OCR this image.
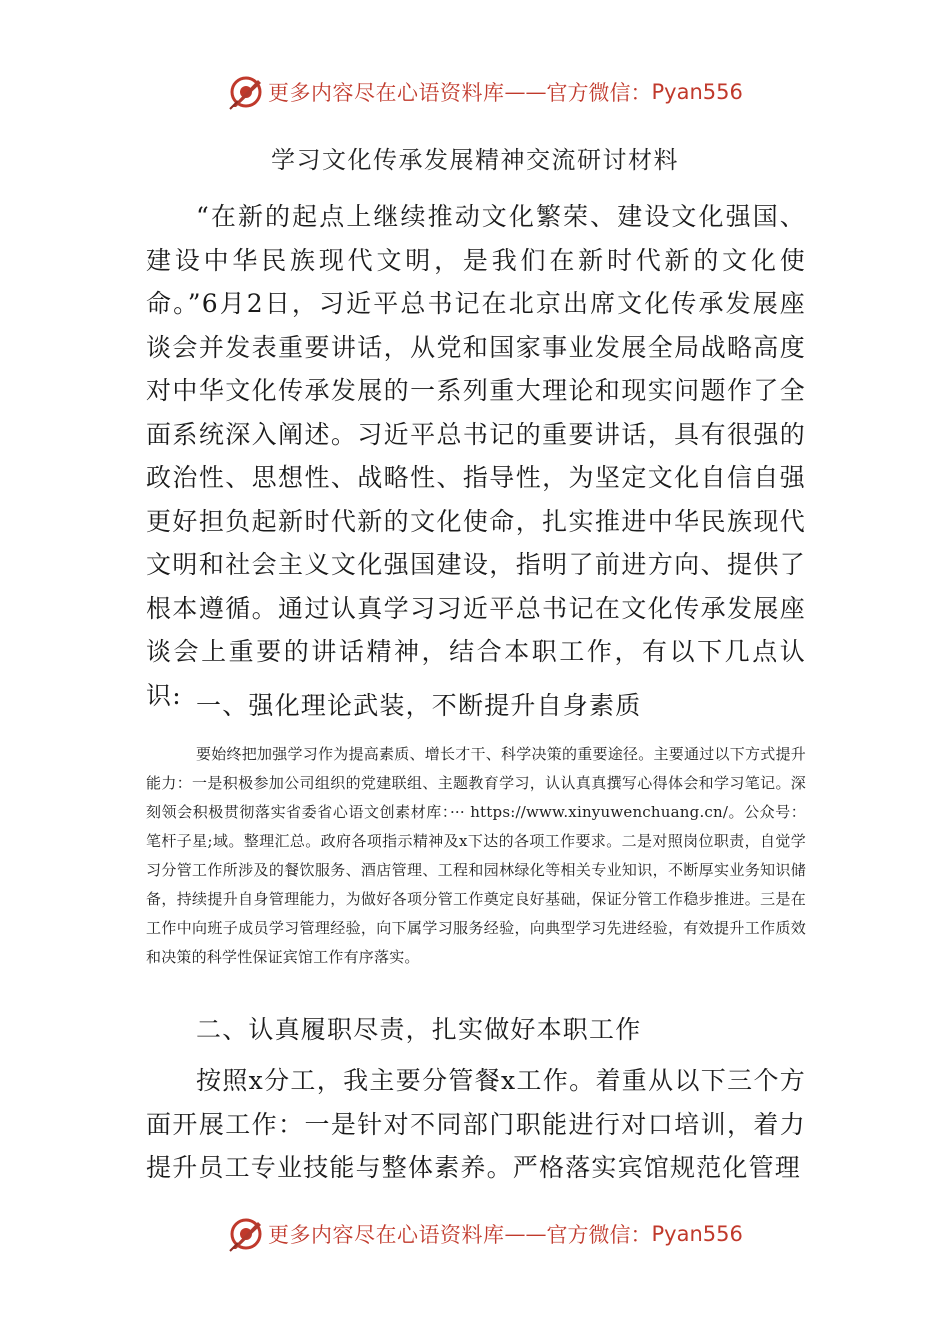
更多内容尽在心语资料库 —— 官方微信： Pyan556
学习文化传承发展精神交流研讨材料

“在新的起点上继续推动文化繁荣、建设文化强国、建设中华民族现代文明，是我们在新时代新的文化使命。”6月2日，习近平总书记在北京出席文化传承发展座谈会并发表重要讲话，从党和国家事业发展全局战略高度对中华文化传承发展的一系列重大理论和现实问题作了全面系统深入阐述。习近平总书记的重要讲话，具有很强的政治性、思想性、战略性、指导性，为坚定文化自信自强更好担负起新时代新的文化使命，扎实推进中华民族现代文明和社会主义文化强国建设，指明了前进方向、提供了根本遵循。通过认真学习习近平总书记在文化传承发展座谈会上重要的讲话精神，结合本职工作，有以下几点认识: 一、强化理论武装，不断提升自身素质

要始终把加强学习作为提高素质、增长才干、科学决策的重要途径。主要通过以下方式提升能力：一是积极参加公司组织的党建联组、主题教育学习，认认真真撰写心得体会和学习笔记。深刻领会积极贯彻落实省委省心语文创素材库：··· https://www.xinyuwenchuang.cn/。公众号：笔杆子星;域。整理汇总。政府各项指示精神及x下达的各项工作要求。二是对照岗位职责，自觉学习分管工作所涉及的餐饮服务、酒店管理、工程和园林绿化等相关专业知识，不断厚实业务知识储备，持续提升自身管理能力，为做好各项分管工作奠定良好基础，保证分管工作稳步推进。三是在工作中向班子成员学习管理经验，向下属学习服务经验，向典型学习先进经验，有效提升工作质效和决策的科学性保证宾馆工作有序落实。

二、认真履职尽责，扎实做好本职工作

按照x分工，我主要分管餐x工作。着重从以下三个方面开展工作：一是针对不同部门职能进行对口培训，着力提升员工专业技能与整体素养。严格落实宾馆规范化管理

更多内容尽在心语资料库 —— 官方微信： Pyan556
